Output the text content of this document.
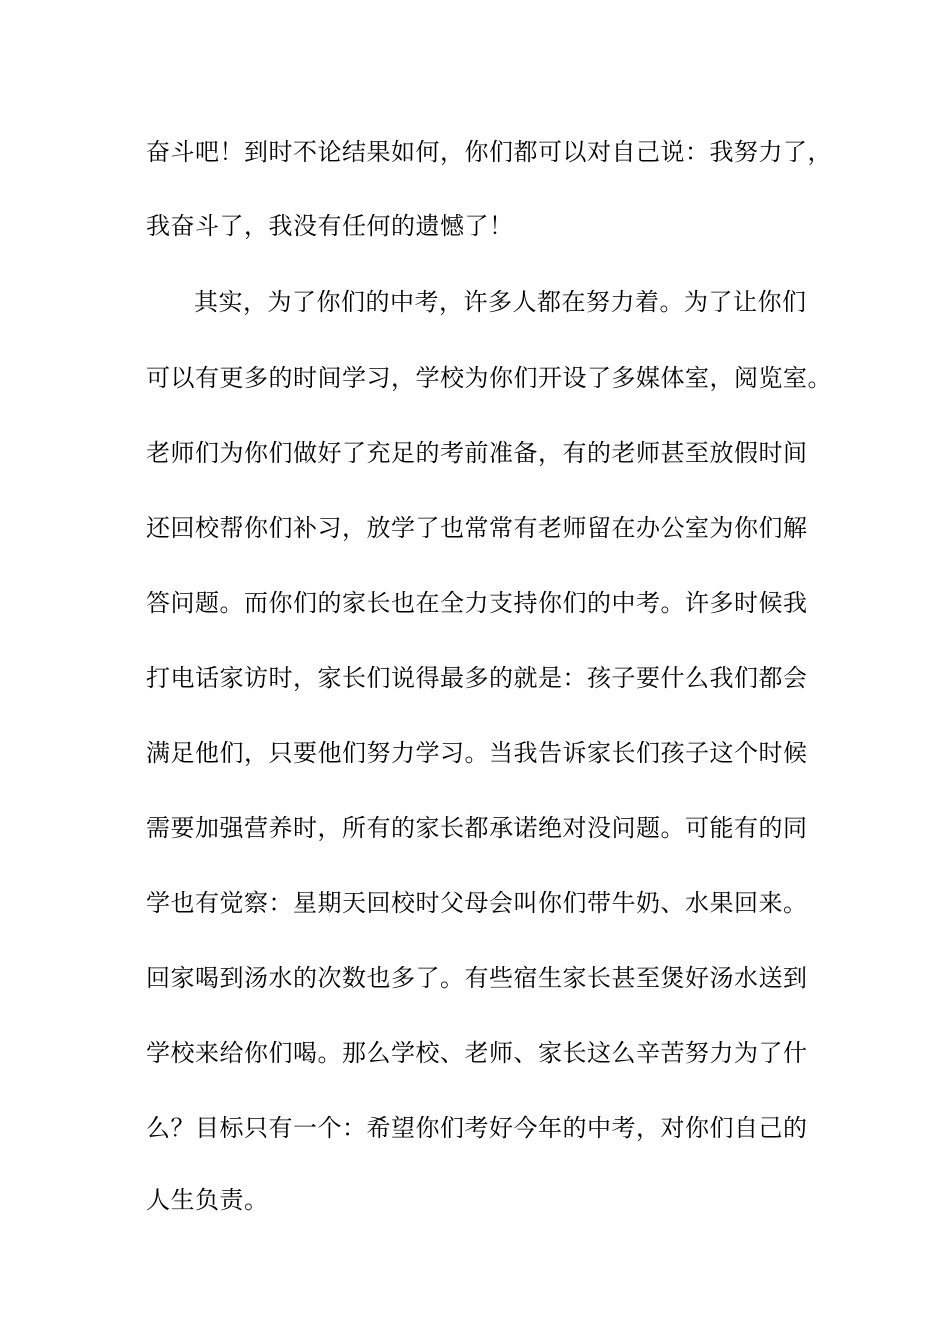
奋斗吧！到时不论结果如何，你们都可以对自己说：我努力了，
我奋斗了，我没有任何的遗憾了！
其实，为了你们的中考，许多人都在努力着。为了让你们
可以有更多的时间学习，学校为你们开设了多媒体室，阅览室。
老师们为你们做好了充足的考前准备，有的老师甚至放假时间
还回校帮你们补习，放学了也常常有老师留在办公室为你们解
答问题。而你们的家长也在全力支持你们的中考。许多时候我
打电话家访时，家长们说得最多的就是：孩子要什么我们都会
满足他们，只要他们努力学习。当我告诉家长们孩子这个时候
需要加强营养时，所有的家长都承诺绝对没问题。可能有的同
学也有觉察：星期天回校时父母会叫你们带牛奶、水果回来。
回家喝到汤水的次数也多了。有些宿生家长甚至煲好汤水送到
学校来给你们喝。那么学校、老师、家长这么辛苦努力为了什
么？目标只有一个：希望你们考好今年的中考，对你们自己的
人生负责。
